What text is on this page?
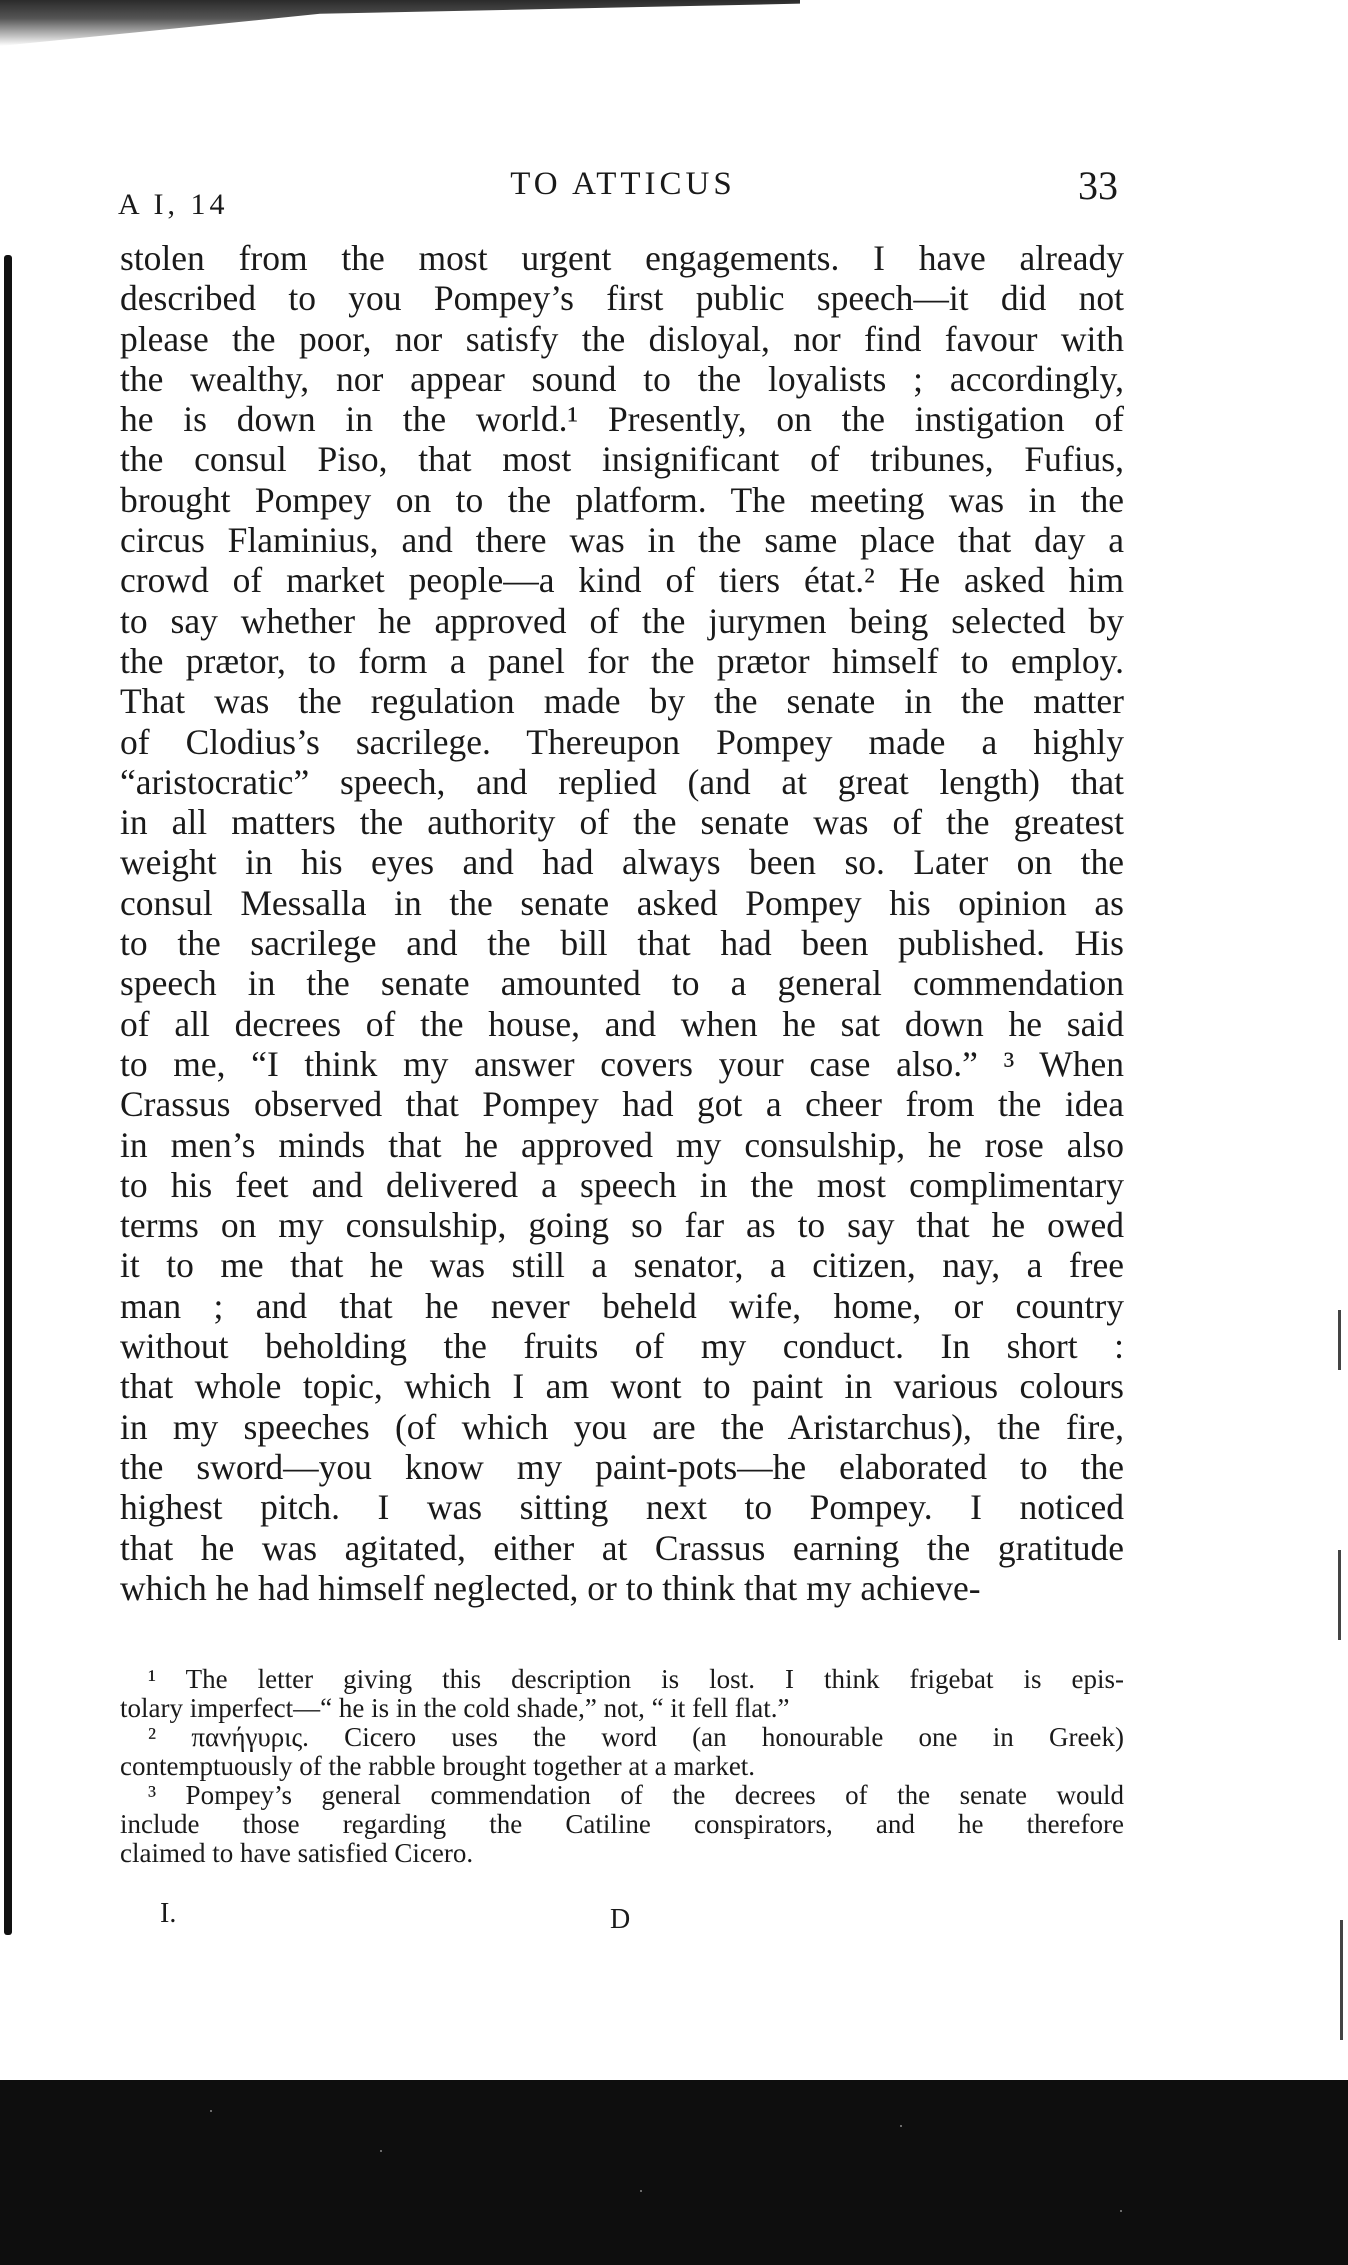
A I, 14
TO ATTICUS	33
stolen from the most urgent engagements. I have already
described to you Pompey’s first public speech—it did not
please the poor, nor satisfy the disloyal, nor find favour with
the wealthy, nor appear sound to the loyalists ; accordingly,
he is down in the world.¹ Presently, on the instigation of
the consul Piso, that most insignificant of tribunes, Fufius,
brought Pompey on to the platform. The meeting was in the
circus Flaminius, and there was in the same place that day a
crowd of market people—a kind of tiers état.² He asked him
to say whether he approved of the jurymen being selected by
the prætor, to form a panel for the prætor himself to employ.
That was the regulation made by the senate in the matter
of Clodius’s sacrilege. Thereupon Pompey made a highly
“aristocratic” speech, and replied (and at great length) that
in all matters the authority of the senate was of the greatest
weight in his eyes and had always been so. Later on the
consul Messalla in the senate asked Pompey his opinion as
to the sacrilege and the bill that had been published. His
speech in the senate amounted to a general commendation
of all decrees of the house, and when he sat down he said
to me, “I think my answer covers your case also.” ³ When
Crassus observed that Pompey had got a cheer from the idea
in men’s minds that he approved my consulship, he rose also
to his feet and delivered a speech in the most complimentary
terms on my consulship, going so far as to say that he owed
it to me that he was still a senator, a citizen, nay, a free
man ; and that he never beheld wife, home, or country
without beholding the fruits of my conduct. In short :
that whole topic, which I am wont to paint in various colours
in my speeches (of which you are the Aristarchus), the fire,
the sword—you know my paint-pots—he elaborated to the
highest pitch. I was sitting next to Pompey. I noticed
that he was agitated, either at Crassus earning the gratitude
which he had himself neglected, or to think that my achieve-
¹ The letter giving this description is lost. I think frigebat is epis-
tolary imperfect—“ he is in the cold shade,” not, “ it fell flat.”
² πανήγυρις. Cicero uses the word (an honourable one in Greek)
contemptuously of the rabble brought together at a market.
³ Pompey’s general commendation of the decrees of the senate would
include those regarding the Catiline conspirators, and he therefore
claimed to have satisfied Cicero.
I.	D
